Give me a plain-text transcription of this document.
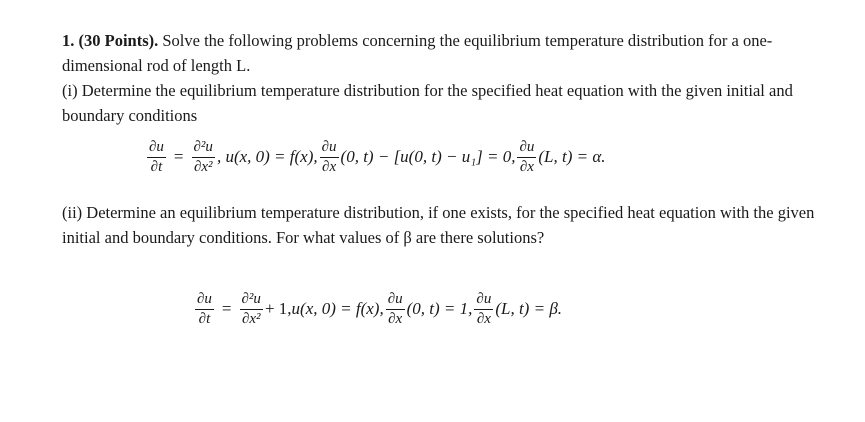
1. (30 Points). Solve the following problems concerning the equilibrium temperature distribution for a one-dimensional rod of length L.
(i) Determine the equilibrium temperature distribution for the specified heat equation with the given initial and boundary conditions
$\frac{\partial u}{\partial t} = \frac{\text{∂²u}}{\text{∂x²}}$ , u(x, 0) = f(x), $\frac{\partial u}{\partial x} (0$, t) − [u(0, t) − u₁] = 0, $\frac{\partial u}{\partial x} (L$, t) = α.
(ii) Determine an equilibrium temperature distribution, if one exists, for the specified heat equation with the given initial and boundary conditions. For what values of β are there solutions?
$\frac{\partial u}{\partial t} = \frac{\text{∂²u}}{\text{∂x²}} + 1$, u(x, 0) = f(x), $\frac{\partial u}{\partial x} (0$, t) = 1, $\frac{\partial u}{\partial x} (L$, t) = β.
